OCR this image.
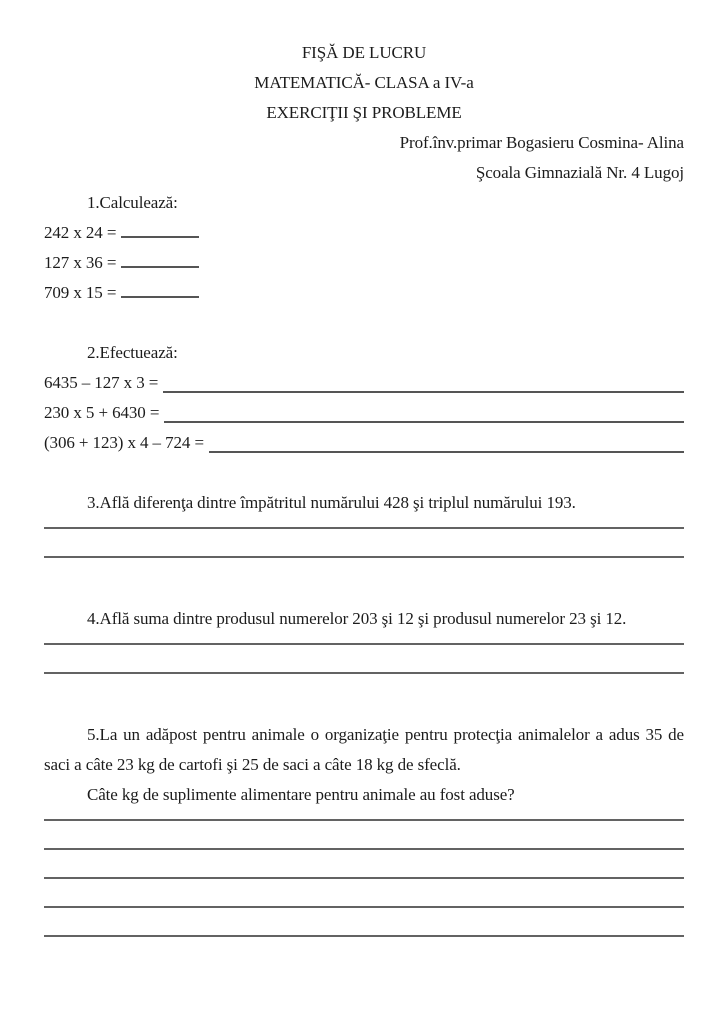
FIŞĂ DE LUCRU
MATEMATICĂ- CLASA a IV-a
EXERCIŢII ŞI PROBLEME
Prof.înv.primar Bogasieru Cosmina- Alina
Şcoala Gimnazială Nr. 4 Lugoj
1.Calculează:
242 x 24 =
127 x 36 =
709 x 15 =
2.Efectuează:
6435 – 127 x 3 =
230 x 5 + 6430 =
(306 + 123) x 4 – 724 =
3.Află diferenţa dintre împătritul numărului 428 şi triplul numărului 193.
4.Află suma dintre produsul numerelor 203 şi 12 şi produsul numerelor 23 şi 12.
5.La un adăpost pentru animale o organizaţie pentru protecţia animalelor a adus 35 de saci a câte 23 kg de cartofi şi 25 de saci a câte 18 kg de sfeclă.
Câte kg de suplimente alimentare pentru animale au fost aduse?
